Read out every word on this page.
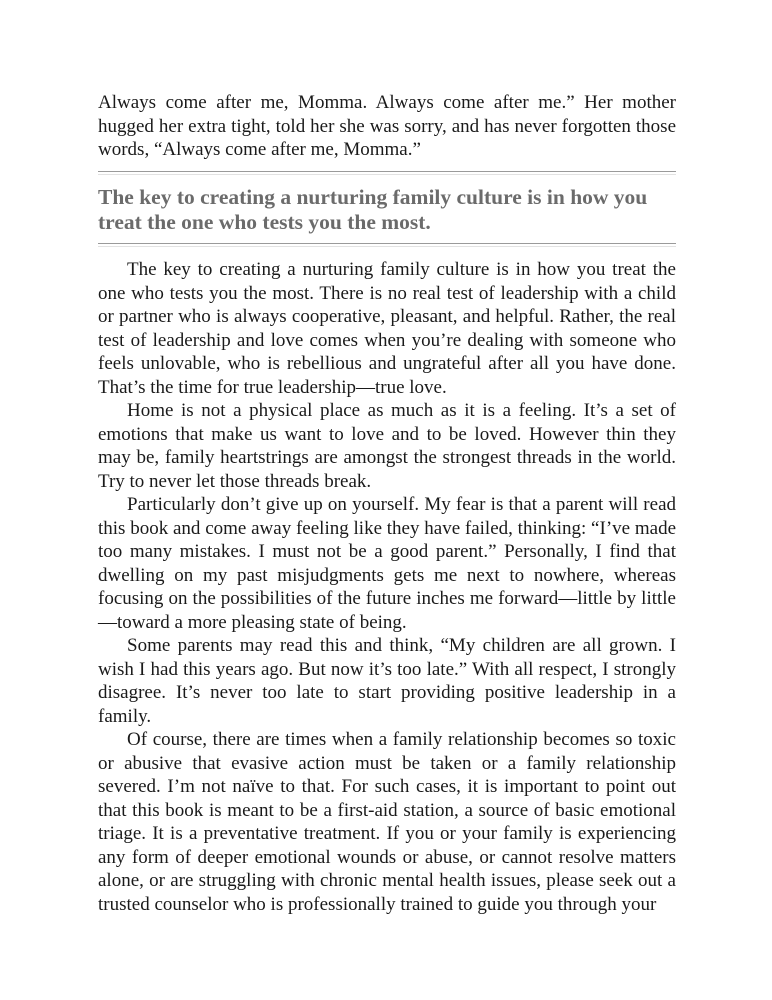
Always come after me, Momma. Always come after me.” Her mother hugged her extra tight, told her she was sorry, and has never forgotten those words, “Always come after me, Momma.”

The key to creating a nurturing family culture is in how you treat the one who tests you the most.

The key to creating a nurturing family culture is in how you treat the one who tests you the most. There is no real test of leadership with a child or partner who is always cooperative, pleasant, and helpful. Rather, the real test of leadership and love comes when you’re dealing with someone who feels unlovable, who is rebellious and ungrateful after all you have done. That’s the time for true leadership—true love.

Home is not a physical place as much as it is a feeling. It’s a set of emotions that make us want to love and to be loved. However thin they may be, family heartstrings are amongst the strongest threads in the world. Try to never let those threads break.

Particularly don’t give up on yourself. My fear is that a parent will read this book and come away feeling like they have failed, thinking: “I’ve made too many mistakes. I must not be a good parent.” Personally, I find that dwelling on my past misjudgments gets me next to nowhere, whereas focusing on the possibilities of the future inches me forward—little by little —toward a more pleasing state of being.

Some parents may read this and think, “My children are all grown. I wish I had this years ago. But now it’s too late.” With all respect, I strongly disagree. It’s never too late to start providing positive leadership in a family.

Of course, there are times when a family relationship becomes so toxic or abusive that evasive action must be taken or a family relationship severed. I’m not naïve to that. For such cases, it is important to point out that this book is meant to be a first-aid station, a source of basic emotional triage. It is a preventative treatment. If you or your family is experiencing any form of deeper emotional wounds or abuse, or cannot resolve matters alone, or are struggling with chronic mental health issues, please seek out a trusted counselor who is professionally trained to guide you through your
